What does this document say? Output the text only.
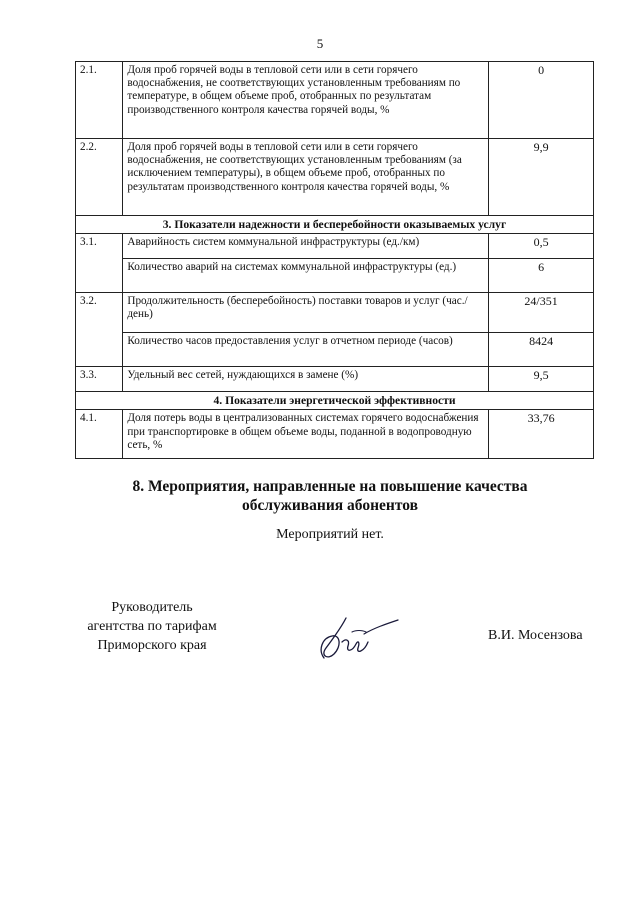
5
2.1.	Доля проб горячей воды в тепловой сети или в сети горячего водоснабжения, не соответствующих установленным требованиям по температуре, в общем объеме проб, отобранных по результатам производственного контроля качества горячей воды, %	0
2.2.	Доля проб горячей воды в тепловой сети или в сети горячего водоснабжения, не соответствующих установленным требованиям (за исключением температуры), в общем объеме проб, отобранных по результатам производственного контроля качества горячей воды, %	9,9
3. Показатели надежности и бесперебойности оказываемых услуг		
3.1.	Аварийность систем коммунальной инфраструктуры (ед./км)	0,5
	Количество аварий на системах коммунальной инфраструктуры (ед.)	6
3.2.	Продолжительность (бесперебойность) поставки товаров и услуг (час./день)	24/351
	Количество часов предоставления услуг в отчетном периоде (часов)	8424
3.3.	Удельный вес сетей, нуждающихся в замене (%)	9,5
4. Показатели энергетической эффективности		
4.1.	Доля потерь воды в централизованных системах горячего водоснабжения при транспортировке в общем объеме воды, поданной в водопроводную сеть, %	33,76
8. Мероприятия, направленные на повышение качества
обслуживания абонентов
Мероприятий нет.
Руководитель
агентства по тарифам
Приморского края
В.И. Мосензова
